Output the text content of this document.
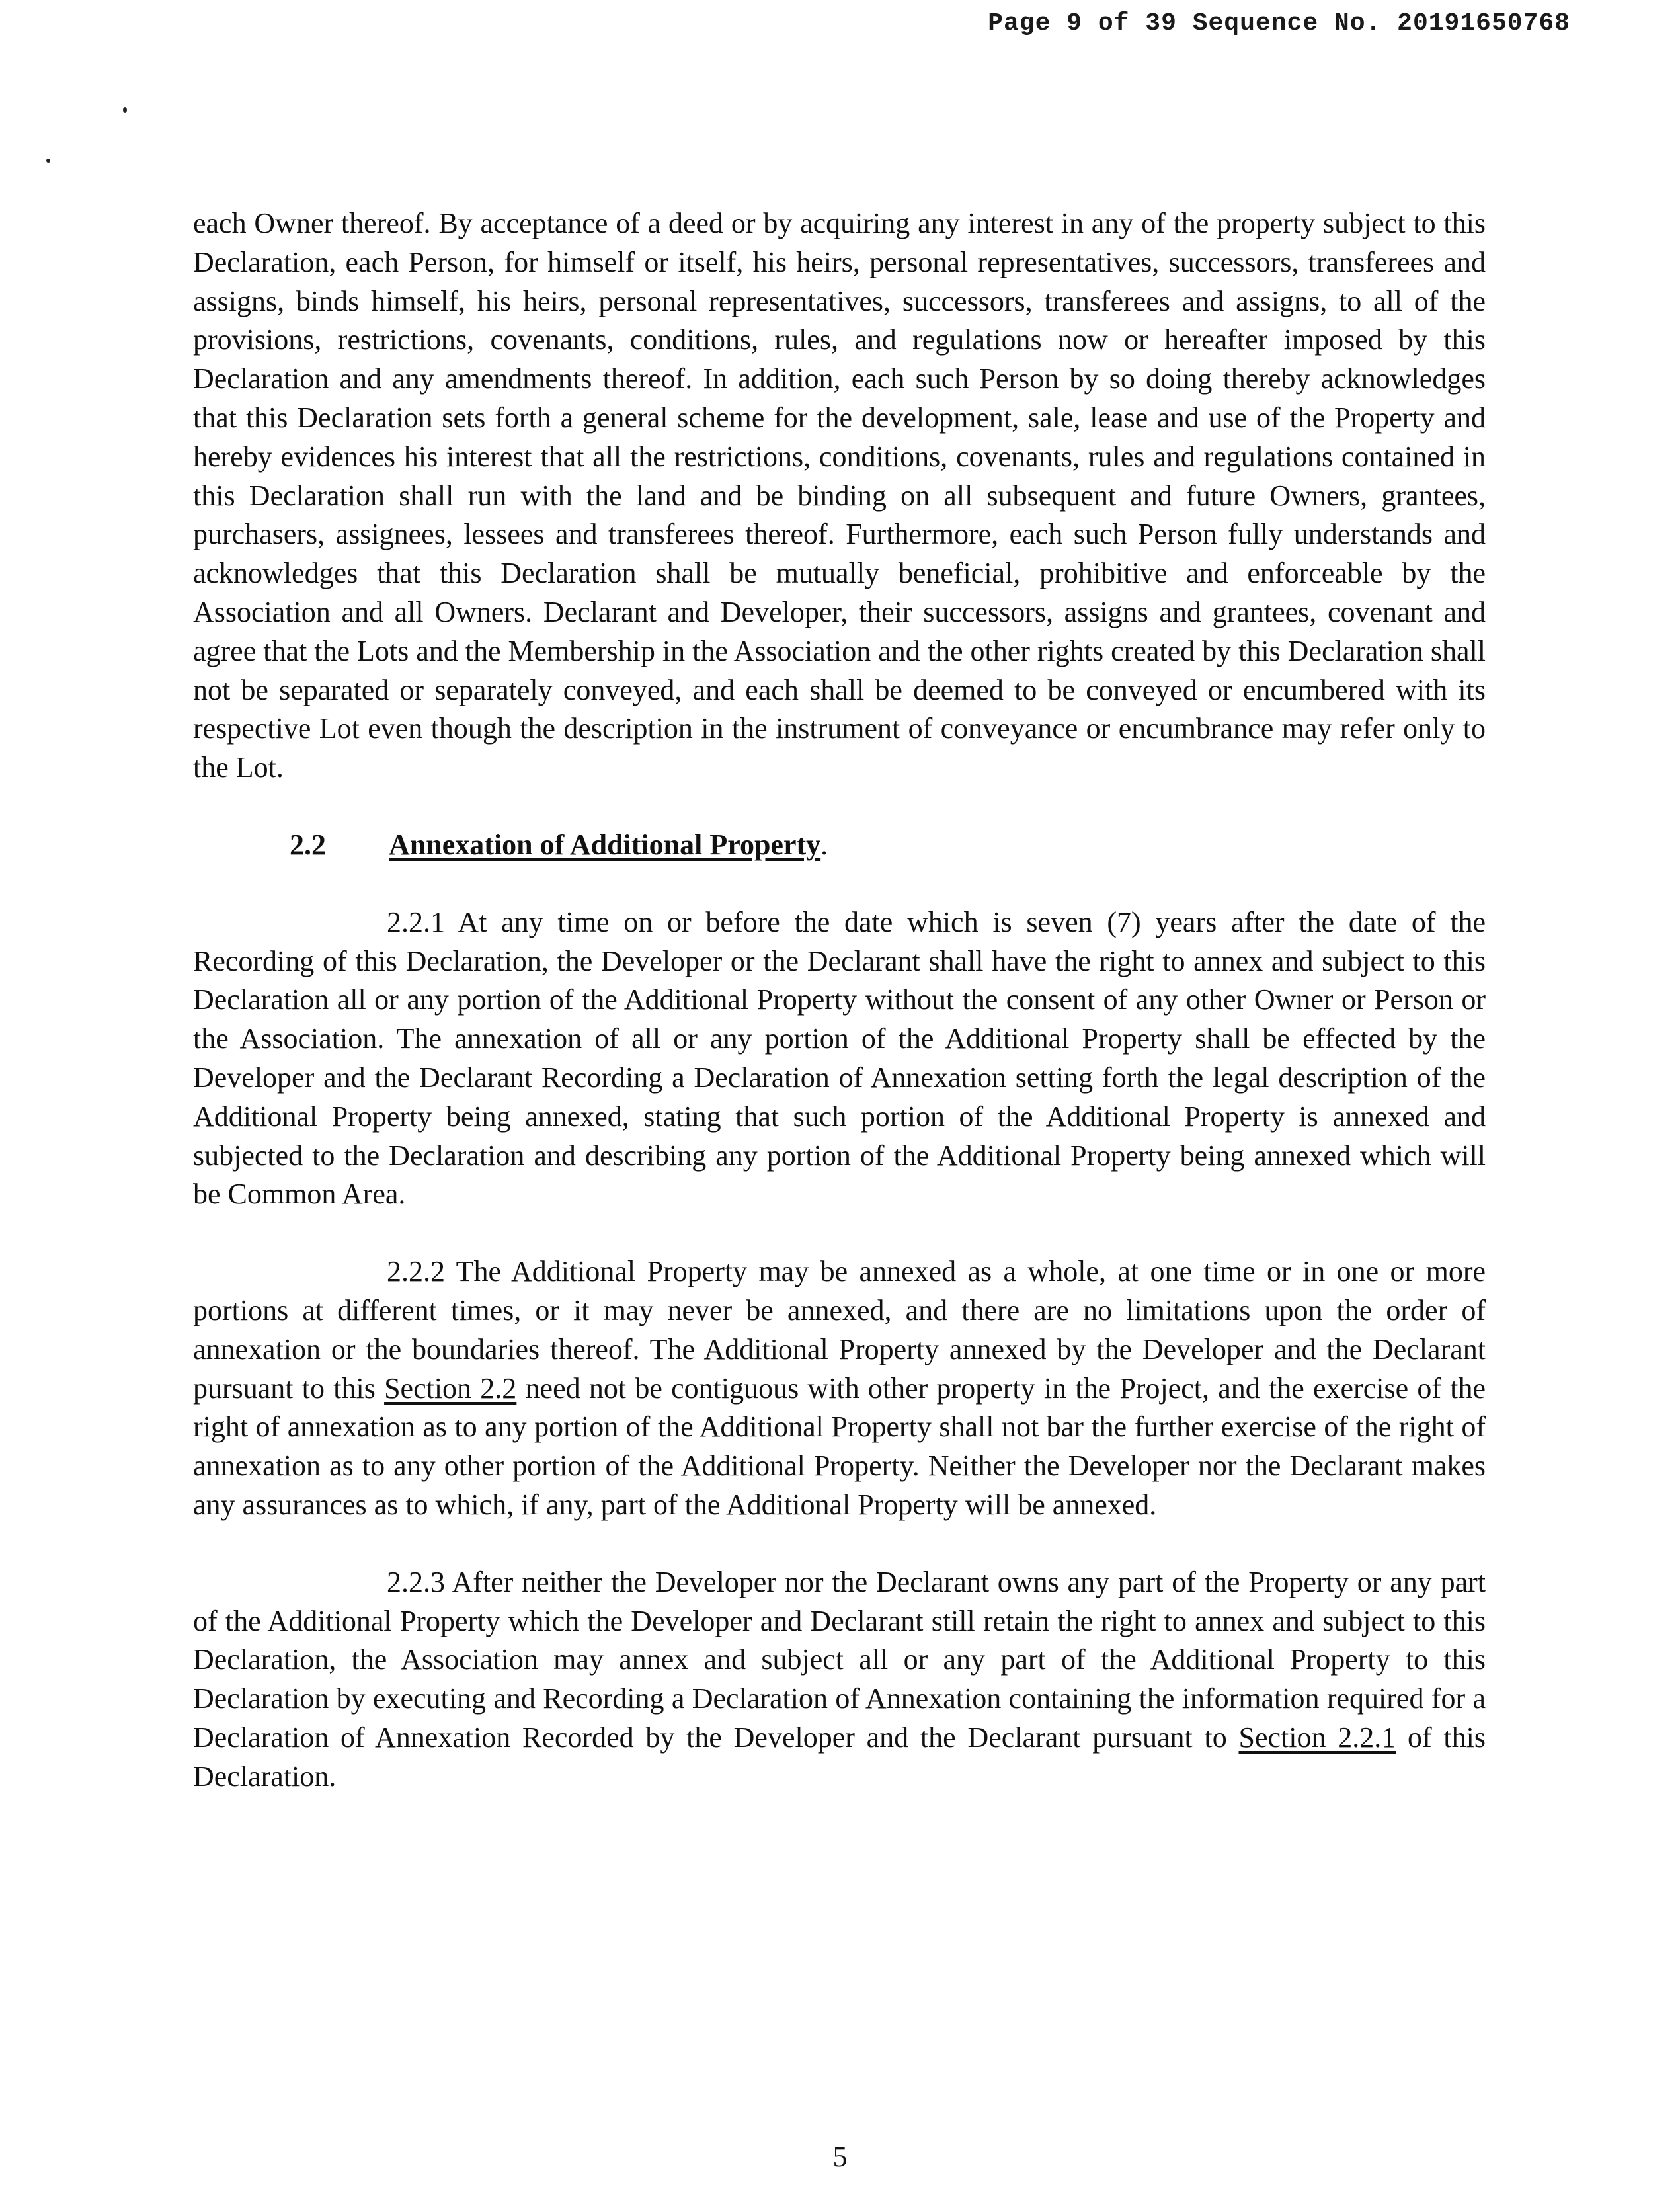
Page 9 of 39 Sequence No. 20191650768

each Owner thereof. By acceptance of a deed or by acquiring any interest in any of the property subject to this Declaration, each Person, for himself or itself, his heirs, personal representatives, successors, transferees and assigns, binds himself, his heirs, personal representatives, successors, transferees and assigns, to all of the provisions, restrictions, covenants, conditions, rules, and regulations now or hereafter imposed by this Declaration and any amendments thereof. In addition, each such Person by so doing thereby acknowledges that this Declaration sets forth a general scheme for the development, sale, lease and use of the Property and hereby evidences his interest that all the restrictions, conditions, covenants, rules and regulations contained in this Declaration shall run with the land and be binding on all subsequent and future Owners, grantees, purchasers, assignees, lessees and transferees thereof. Furthermore, each such Person fully understands and acknowledges that this Declaration shall be mutually beneficial, prohibitive and enforceable by the Association and all Owners. Declarant and Developer, their successors, assigns and grantees, covenant and agree that the Lots and the Membership in the Association and the other rights created by this Declaration shall not be separated or separately conveyed, and each shall be deemed to be conveyed or encumbered with its respective Lot even though the description in the instrument of conveyance or encumbrance may refer only to the Lot.

2.2	Annexation of Additional Property .

2.2.1 At any time on or before the date which is seven (7) years after the date of the Recording of this Declaration, the Developer or the Declarant shall have the right to annex and subject to this Declaration all or any portion of the Additional Property without the consent of any other Owner or Person or the Association. The annexation of all or any portion of the Additional Property shall be effected by the Developer and the Declarant Recording a Declaration of Annexation setting forth the legal description of the Additional Property being annexed, stating that such portion of the Additional Property is annexed and subjected to the Declaration and describing any portion of the Additional Property being annexed which will be Common Area.

2.2.2 The Additional Property may be annexed as a whole, at one time or in one or more portions at different times, or it may never be annexed, and there are no limitations upon the order of annexation or the boundaries thereof. The Additional Property annexed by the Developer and the Declarant pursuant to this Section 2.2 need not be contiguous with other property in the Project, and the exercise of the right of annexation as to any portion of the Additional Property shall not bar the further exercise of the right of annexation as to any other portion of the Additional Property. Neither the Developer nor the Declarant makes any assurances as to which, if any, part of the Additional Property will be annexed.

2.2.3 After neither the Developer nor the Declarant owns any part of the Property or any part of the Additional Property which the Developer and Declarant still retain the right to annex and subject to this Declaration, the Association may annex and subject all or any part of the Additional Property to this Declaration by executing and Recording a Declaration of Annexation containing the information required for a Declaration of Annexation Recorded by the Developer and the Declarant pursuant to Section 2.2.1 of this Declaration.

5
